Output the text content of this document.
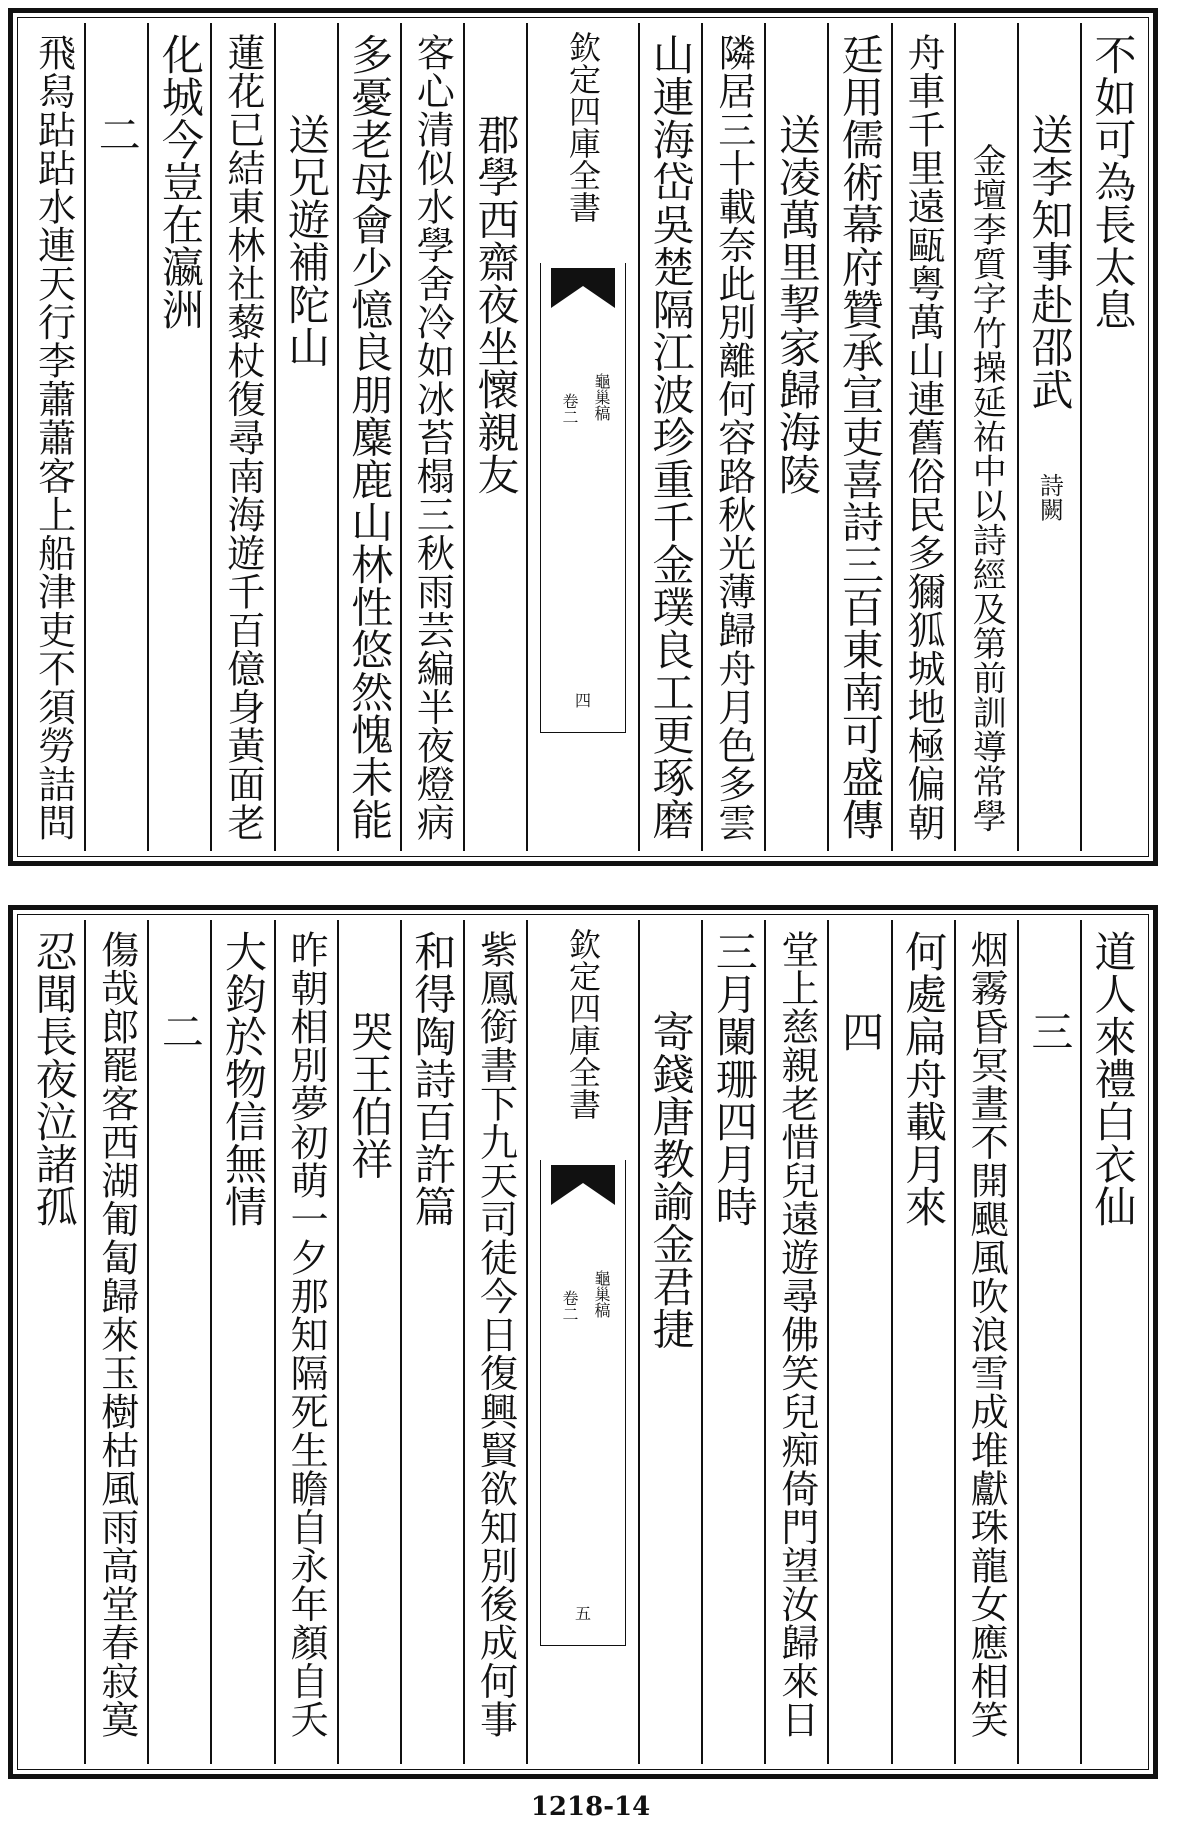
不如可為長太息
送李知事赴邵武
詩闕
金壇李質字竹操延祐中以詩經及第前訓導常學
舟車千里遠甌粤萬山連舊俗民多獮狐城地極偏朝
廷用儒術幕府贊承宣吏喜詩三百東南可盛傳
送凌萬里挈家歸海陵
隣居三十載奈此別離何容路秋光薄歸舟月色多雲
山連海岱吳楚隔江波珍重千金璞良工更琢磨
欽定四庫全書
龜巢稿
卷二
四
郡學西齋夜坐懷親友
客心清似水學舍冷如冰苔榻三秋雨芸編半夜燈病
多憂老母會少憶良朋麋鹿山林性悠然愧未能
送兄遊補陀山
蓮花已結東林社藜杖復尋南海遊千百億身黃面老
化城今豈在瀛洲
二
飛舄跕跕水連天行李蕭蕭客上船津吏不須勞詰問
道人來禮白衣仙
三
烟霧昏冥晝不開颶風吹浪雪成堆獻珠龍女應相笑
何處扁舟載月來
四
堂上慈親老惜兒遠遊尋佛笑兒痴倚門望汝歸來日
三月闌珊四月時
寄錢唐教諭金君捷
欽定四庫全書
龜巢稿
卷二
五
紫鳳銜書下九天司徒今日復興賢欲知別後成何事
和得陶詩百許篇
哭王伯祥
昨朝相別夢初萌一夕那知隔死生瞻自永年顏自夭
大鈞於物信無情
二
傷哉郎罷客西湖匍匐歸來玉樹枯風雨高堂春寂寞
忍聞長夜泣諸孤
1218-14
